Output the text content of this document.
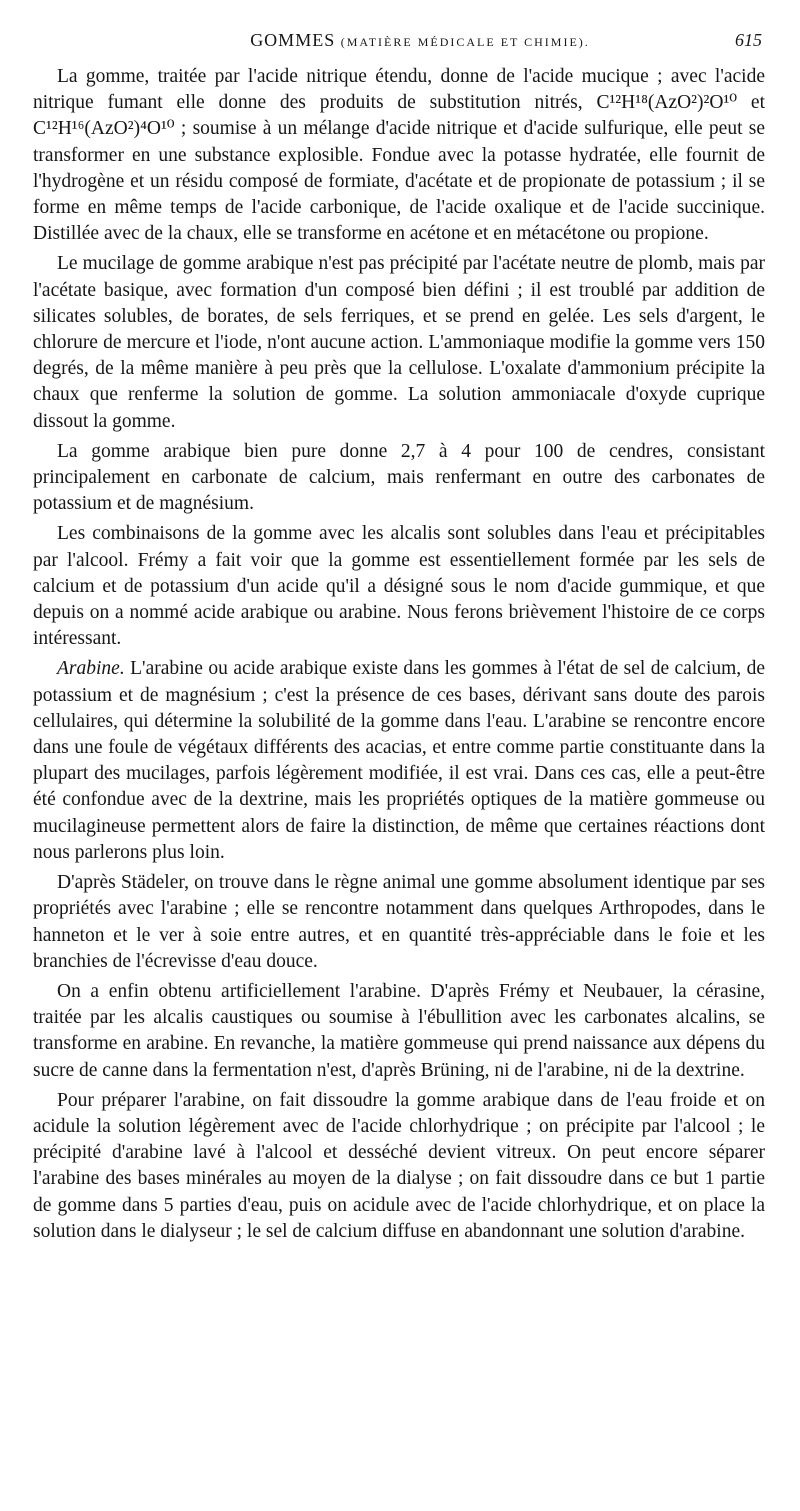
GOMMES (MATIÈRE MÉDICALE ET CHIMIE).	615

La gomme, traitée par l'acide nitrique étendu, donne de l'acide mucique ; avec l'acide nitrique fumant elle donne des produits de substitution nitrés, C¹²H¹⁸(AzO²)²O¹⁰ et C¹²H¹⁶(AzO²)⁴O¹⁰ ; soumise à un mélange d'acide nitrique et d'acide sulfurique, elle peut se transformer en une substance explosible. Fondue avec la potasse hydratée, elle fournit de l'hydrogène et un résidu composé de formiate, d'acétate et de propionate de potassium ; il se forme en même temps de l'acide carbonique, de l'acide oxalique et de l'acide succinique. Distillée avec de la chaux, elle se transforme en acétone et en métacétone ou propione.

Le mucilage de gomme arabique n'est pas précipité par l'acétate neutre de plomb, mais par l'acétate basique, avec formation d'un composé bien défini ; il est troublé par addition de silicates solubles, de borates, de sels ferriques, et se prend en gelée. Les sels d'argent, le chlorure de mercure et l'iode, n'ont aucune action. L'ammoniaque modifie la gomme vers 150 degrés, de la même manière à peu près que la cellulose. L'oxalate d'ammonium précipite la chaux que renferme la solution de gomme. La solution ammoniacale d'oxyde cuprique dissout la gomme.

La gomme arabique bien pure donne 2,7 à 4 pour 100 de cendres, consistant principalement en carbonate de calcium, mais renfermant en outre des carbonates de potassium et de magnésium.

Les combinaisons de la gomme avec les alcalis sont solubles dans l'eau et précipitables par l'alcool. Frémy a fait voir que la gomme est essentiellement formée par les sels de calcium et de potassium d'un acide qu'il a désigné sous le nom d'acide gummique, et que depuis on a nommé acide arabique ou arabine. Nous ferons brièvement l'histoire de ce corps intéressant.

Arabine. L'arabine ou acide arabique existe dans les gommes à l'état de sel de calcium, de potassium et de magnésium ; c'est la présence de ces bases, dérivant sans doute des parois cellulaires, qui détermine la solubilité de la gomme dans l'eau. L'arabine se rencontre encore dans une foule de végétaux différents des acacias, et entre comme partie constituante dans la plupart des mucilages, parfois légèrement modifiée, il est vrai. Dans ces cas, elle a peut-être été confondue avec de la dextrine, mais les propriétés optiques de la matière gommeuse ou mucilagineuse permettent alors de faire la distinction, de même que certaines réactions dont nous parlerons plus loin.

D'après Städeler, on trouve dans le règne animal une gomme absolument identique par ses propriétés avec l'arabine ; elle se rencontre notamment dans quelques Arthropodes, dans le hanneton et le ver à soie entre autres, et en quantité très-appréciable dans le foie et les branchies de l'écrevisse d'eau douce.

On a enfin obtenu artificiellement l'arabine. D'après Frémy et Neubauer, la cérasine, traitée par les alcalis caustiques ou soumise à l'ébullition avec les carbonates alcalins, se transforme en arabine. En revanche, la matière gommeuse qui prend naissance aux dépens du sucre de canne dans la fermentation n'est, d'après Brüning, ni de l'arabine, ni de la dextrine.

Pour préparer l'arabine, on fait dissoudre la gomme arabique dans de l'eau froide et on acidule la solution légèrement avec de l'acide chlorhydrique ; on précipite par l'alcool ; le précipité d'arabine lavé à l'alcool et desséché devient vitreux. On peut encore séparer l'arabine des bases minérales au moyen de la dialyse ; on fait dissoudre dans ce but 1 partie de gomme dans 5 parties d'eau, puis on acidule avec de l'acide chlorhydrique, et on place la solution dans le dialyseur ; le sel de calcium diffuse en abandonnant une solution d'arabine.
